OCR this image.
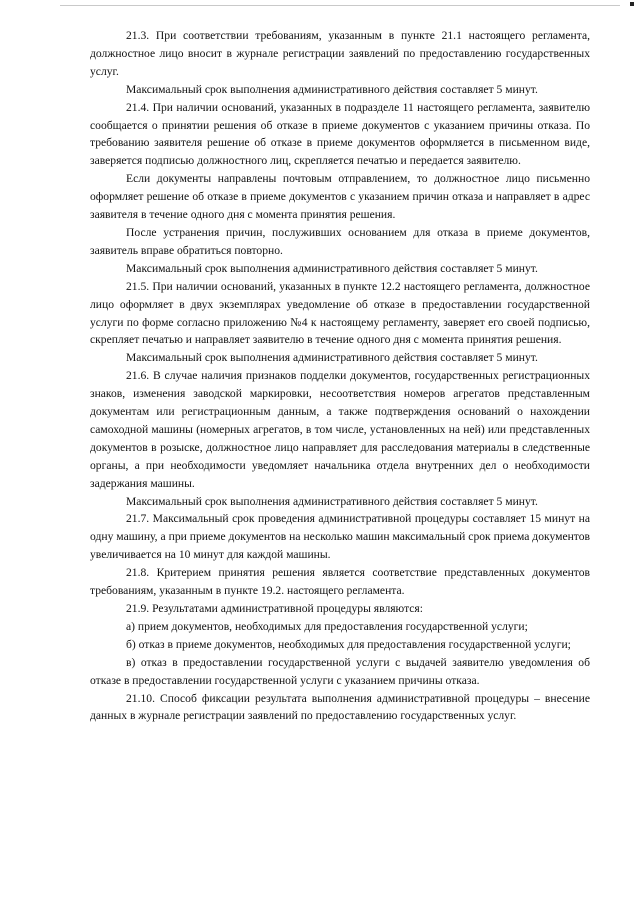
21.3. При соответствии требованиям, указанным в пункте 21.1 настоящего регламента, должностное лицо вносит в журнале регистрации заявлений по предоставлению государственных услуг.

Максимальный срок выполнения административного действия составляет 5 минут.

21.4. При наличии оснований, указанных в подразделе 11 настоящего регламента, заявителю сообщается о принятии решения об отказе в приеме документов с указанием причины отказа. По требованию заявителя решение об отказе в приеме документов оформляется в письменном виде, заверяется подписью должностного лиц, скрепляется печатью и передается заявителю.

Если документы направлены почтовым отправлением, то должностное лицо письменно оформляет решение об отказе в приеме документов с указанием причин отказа и направляет в адрес заявителя в течение одного дня с момента принятия решения.

После устранения причин, послуживших основанием для отказа в приеме документов, заявитель вправе обратиться повторно.

Максимальный срок выполнения административного действия составляет 5 минут.

21.5. При наличии оснований, указанных в пункте 12.2 настоящего регламента, должностное лицо оформляет в двух экземплярах уведомление об отказе в предоставлении государственной услуги по форме согласно приложению №4 к настоящему регламенту, заверяет его своей подписью, скрепляет печатью и направляет заявителю в течение одного дня с момента принятия решения.

Максимальный срок выполнения административного действия составляет 5 минут.

21.6. В случае наличия признаков подделки документов, государственных регистрационных знаков, изменения заводской маркировки, несоответствия номеров агрегатов представленным документам или регистрационным данным, а также подтверждения оснований о нахождении самоходной машины (номерных агрегатов, в том числе, установленных на ней) или представленных документов в розыске, должностное лицо направляет для расследования материалы в следственные органы, а при необходимости уведомляет начальника отдела внутренних дел о необходимости задержания машины.

Максимальный срок выполнения административного действия составляет 5 минут.

21.7. Максимальный срок проведения административной процедуры составляет 15 минут на одну машину, а при приеме документов на несколько машин максимальный срок приема документов увеличивается на 10 минут для каждой машины.

21.8. Критерием принятия решения является соответствие представленных документов требованиям, указанным в пункте 19.2. настоящего регламента.

21.9. Результатами административной процедуры являются:

а) прием документов, необходимых для предоставления государственной услуги;

б) отказ в приеме документов, необходимых для предоставления государственной услуги;

в) отказ в предоставлении государственной услуги с выдачей заявителю уведомления об отказе в предоставлении государственной услуги с указанием причины отказа.

21.10. Способ фиксации результата выполнения административной процедуры – внесение данных в журнале регистрации заявлений по предоставлению государственных услуг.
